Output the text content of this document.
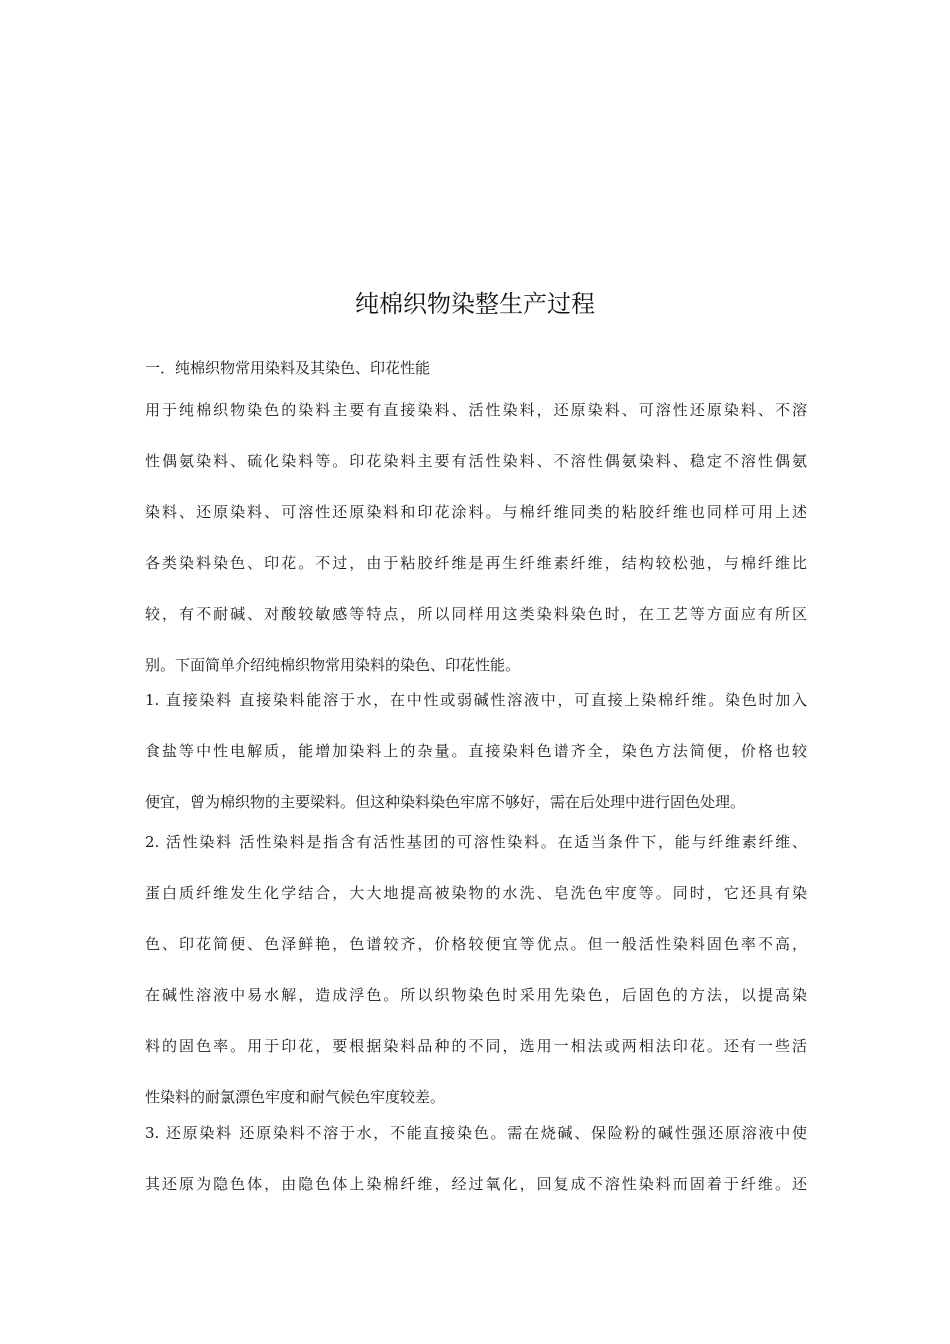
纯棉织物染整生产过程
一．纯棉织物常用染料及其染色、印花性能
用于纯棉织物染色的染料主要有直接染料、活性染料，还原染料、可溶性还原染料、不溶
性偶氨染料、硫化染料等。印花染料主要有活性染料、不溶性偶氨染料、稳定不溶性偶氨
染料、还原染料、可溶性还原染料和印花涂料。与棉纤维同类的粘胶纤维也同样可用上述
各类染料染色、印花。不过，由于粘胶纤维是再生纤维素纤维，结构较松弛，与棉纤维比
较，有不耐碱、对酸较敏感等特点，所以同样用这类染料染色时，在工艺等方面应有所区
别。下面简单介绍纯棉织物常用染料的染色、印花性能。
1. 直接染料 直接染料能溶于水，在中性或弱碱性溶液中，可直接上染棉纤维。染色时加入
食盐等中性电解质，能增加染料上的杂量。直接染料色谱齐全，染色方法简便，价格也较
便宜，曾为棉织物的主要梁料。但这种染料染色牢席不够好，需在后处理中进行固色处理。
2. 活性染料 活性染料是指含有活性基团的可溶性染料。在适当条件下，能与纤维素纤维、
蛋白质纤维发生化学结合，大大地提高被染物的水洗、皂洗色牢度等。同时，它还具有染
色、印花简便、色泽鲜艳，色谱较齐，价格较便宜等优点。但一般活性染料固色率不高，
在碱性溶液中易水解，造成浮色。所以织物染色时采用先染色，后固色的方法，以提高染
料的固色率。用于印花，要根据染料品种的不同，选用一相法或两相法印花。还有一些活
性染料的耐氯漂色牢度和耐气候色牢度较差。
3. 还原染料 还原染料不溶于水，不能直接染色。需在烧碱、保险粉的碱性强还原溶液中使
其还原为隐色体，由隐色体上染棉纤维，经过氧化，回复成不溶性染料而固着于纤维。还
